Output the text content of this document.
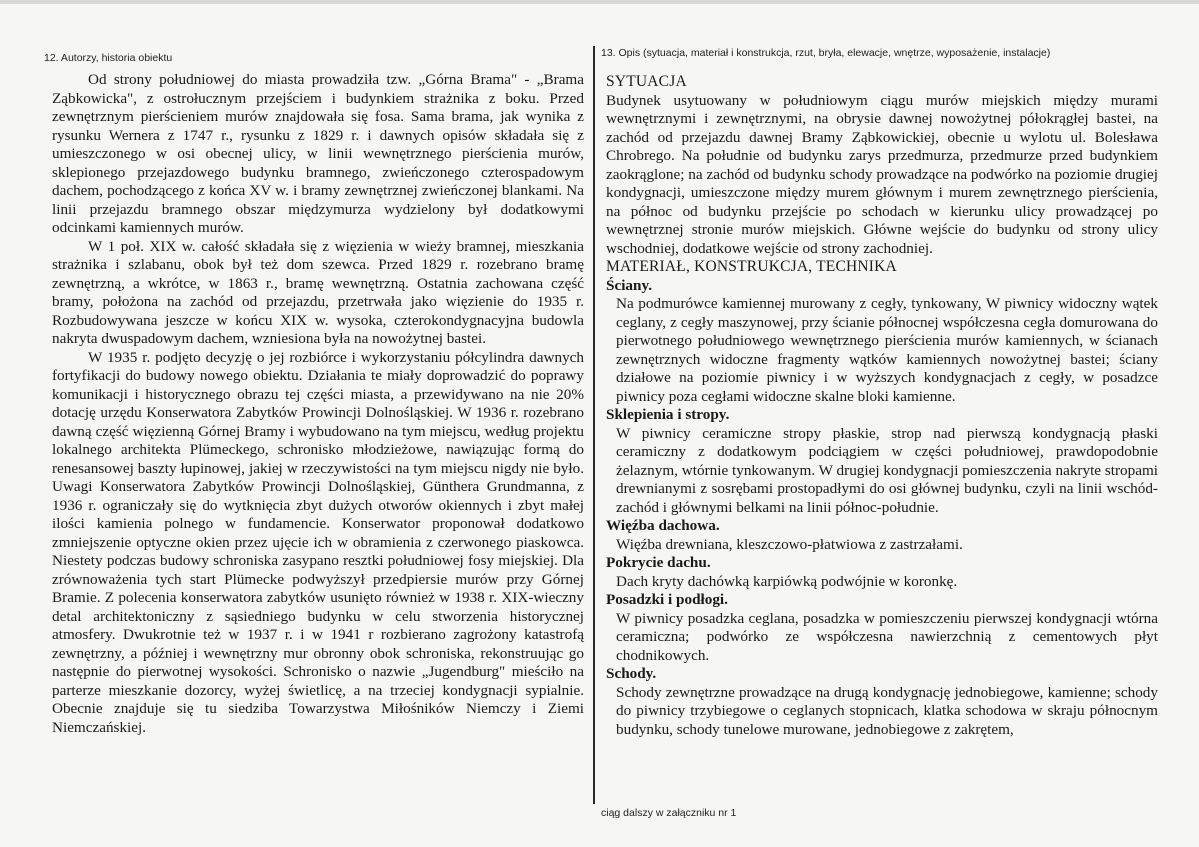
12. Autorzy, historia obiektu

Od strony południowej do miasta prowadziła tzw. „Górna Brama" - „Brama Ząbkowicka", z ostrołucznym przejściem i budynkiem strażnika z boku. Przed zewnętrznym pierścieniem murów znajdowała się fosa. Sama brama, jak wynika z rysunku Wernera z 1747 r., rysunku z 1829 r. i dawnych opisów składała się z umieszczonego w osi obecnej ulicy, w linii wewnętrznego pierścienia murów, sklepionego przejazdowego budynku bramnego, zwieńczonego czterospadowym dachem, pochodzącego z końca XV w. i bramy zewnętrznej zwieńczonej blankami. Na linii przejazdu bramnego obszar międzymurza wydzielony był dodatkowymi odcinkami kamiennych murów.

W 1 poł. XIX w. całość składała się z więzienia w wieży bramnej, mieszkania strażnika i szlabanu, obok był też dom szewca. Przed 1829 r. rozebrano bramę zewnętrzną, a wkrótce, w 1863 r., bramę wewnętrzną. Ostatnia zachowana część bramy, położona na zachód od przejazdu, przetrwała jako więzienie do 1935 r. Rozbudowywana jeszcze w końcu XIX w. wysoka, czterokondygnacyjna budowla nakryta dwuspadowym dachem, wzniesiona była na nowożytnej bastei.

W 1935 r. podjęto decyzję o jej rozbiórce i wykorzystaniu półcylindra dawnych fortyfikacji do budowy nowego obiektu. Działania te miały doprowadzić do poprawy komunikacji i historycznego obrazu tej części miasta, a przewidywano na nie 20% dotację urzędu Konserwatora Zabytków Prowincji Dolnośląskiej. W 1936 r. rozebrano dawną część więzienną Górnej Bramy i wybudowano na tym miejscu, według projektu lokalnego architekta Plümeckego, schronisko młodzieżowe, nawiązując formą do renesansowej baszty łupinowej, jakiej w rzeczywistości na tym miejscu nigdy nie było. Uwagi Konserwatora Zabytków Prowincji Dolnośląskiej, Günthera Grundmanna, z 1936 r. ograniczały się do wytknięcia zbyt dużych otworów okiennych i zbyt małej ilości kamienia polnego w fundamencie. Konserwator proponował dodatkowo zmniejszenie optyczne okien przez ujęcie ich w obramienia z czerwonego piaskowca. Niestety podczas budowy schroniska zasypano resztki południowej fosy miejskiej. Dla zrównoważenia tych start Plümecke podwyższył przedpiersie murów przy Górnej Bramie. Z polecenia konserwatora zabytków usunięto również w 1938 r. XIX-wieczny detal architektoniczny z sąsiedniego budynku w celu stworzenia historycznej atmosfery. Dwukrotnie też w 1937 r. i w 1941 r rozbierano zagrożony katastrofą zewnętrzny, a później i wewnętrzny mur obronny obok schroniska, rekonstruując go następnie do pierwotnej wysokości. Schronisko o nazwie „Jugendburg" mieściło na parterze mieszkanie dozorcy, wyżej świetlicę, a na trzeciej kondygnacji sypialnie. Obecnie znajduje się tu siedziba Towarzystwa Miłośników Niemczy i Ziemi Niemczańskiej.

13. Opis (sytuacja, materiał i konstrukcja, rzut, bryła, elewacje, wnętrze, wyposażenie, instalacje)

SYTUACJA

Budynek usytuowany w południowym ciągu murów miejskich między murami wewnętrznymi i zewnętrznymi, na obrysie dawnej nowożytnej półokrągłej bastei, na zachód od przejazdu dawnej Bramy Ząbkowickiej, obecnie u wylotu ul. Bolesława Chrobrego. Na południe od budynku zarys przedmurza, przedmurze przed budynkiem zaokrąglone; na zachód od budynku schody prowadzące na podwórko na poziomie drugiej kondygnacji, umieszczone między murem głównym i murem zewnętrznego pierścienia, na północ od budynku przejście po schodach w kierunku ulicy prowadzącej po wewnętrznej stronie murów miejskich. Główne wejście do budynku od strony ulicy wschodniej, dodatkowe wejście od strony zachodniej.

MATERIAŁ, KONSTRUKCJA, TECHNIKA

Ściany.

Na podmurówce kamiennej murowany z cegły, tynkowany, W piwnicy widoczny wątek ceglany, z cegły maszynowej, przy ścianie północnej współczesna cegła domurowana do pierwotnego południowego wewnętrznego pierścienia murów kamiennych, w ścianach zewnętrznych widoczne fragmenty wątków kamiennych nowożytnej bastei; ściany działowe na poziomie piwnicy i w wyższych kondygnacjach z cegły, w posadzce piwnicy poza cegłami widoczne skalne bloki kamienne.

Sklepienia i stropy.

W piwnicy ceramiczne stropy płaskie, strop nad pierwszą kondygnacją płaski ceramiczny z dodatkowym podciągiem w części południowej, prawdopodobnie żelaznym, wtórnie tynkowanym. W drugiej kondygnacji pomieszczenia nakryte stropami drewnianymi z sosrębami prostopadłymi do osi głównej budynku, czyli na linii wschód-zachód i głównymi belkami na linii północ-południe.

Więźba dachowa.

Więźba drewniana, kleszczowo-płatwiowa z zastrzałami.

Pokrycie dachu.

Dach kryty dachówką karpiówką podwójnie w koronkę.

Posadzki i podłogi.

W piwnicy posadzka ceglana, posadzka w pomieszczeniu pierwszej kondygnacji wtórna ceramiczna; podwórko ze współczesna nawierzchnią z cementowych płyt chodnikowych.

Schody.

Schody zewnętrzne prowadzące na drugą kondygnację jednobiegowe, kamienne; schody do piwnicy trzybiegowe o ceglanych stopnicach, klatka schodowa w skraju północnym budynku, schody tunelowe murowane, jednobiegowe z zakrętem,

ciąg dalszy w załączniku nr 1
